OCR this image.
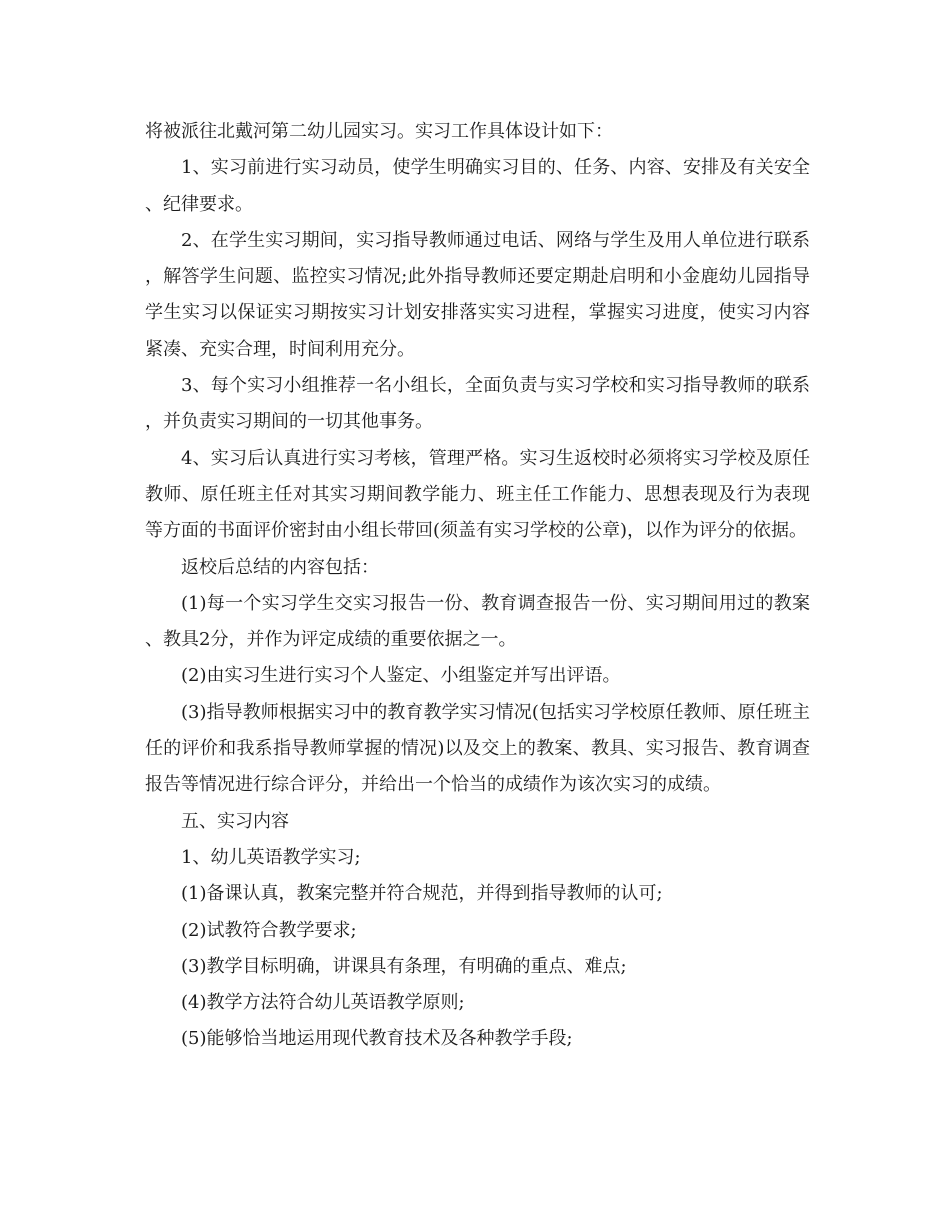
将被派往北戴河第二幼儿园实习。实习工作具体设计如下：

1、实习前进行实习动员，使学生明确实习目的、任务、内容、安排及有关安全、纪律要求。

2、在学生实习期间，实习指导教师通过电话、网络与学生及用人单位进行联系，解答学生问题、监控实习情况;此外指导教师还要定期赴启明和小金鹿幼儿园指导学生实习以保证实习期按实习计划安排落实实习进程，掌握实习进度，使实习内容紧凑、充实合理，时间利用充分。

3、每个实习小组推荐一名小组长，全面负责与实习学校和实习指导教师的联系，并负责实习期间的一切其他事务。

4、实习后认真进行实习考核，管理严格。实习生返校时必须将实习学校及原任教师、原任班主任对其实习期间教学能力、班主任工作能力、思想表现及行为表现等方面的书面评价密封由小组长带回(须盖有实习学校的公章)，以作为评分的依据。

返校后总结的内容包括：

(1)每一个实习学生交实习报告一份、教育调查报告一份、实习期间用过的教案、教具2分，并作为评定成绩的重要依据之一。

(2)由实习生进行实习个人鉴定、小组鉴定并写出评语。

(3)指导教师根据实习中的教育教学实习情况(包括实习学校原任教师、原任班主任的评价和我系指导教师掌握的情况)以及交上的教案、教具、实习报告、教育调查报告等情况进行综合评分，并给出一个恰当的成绩作为该次实习的成绩。

五、实习内容

1、幼儿英语教学实习;

(1)备课认真，教案完整并符合规范，并得到指导教师的认可;

(2)试教符合教学要求;

(3)教学目标明确，讲课具有条理，有明确的重点、难点;

(4)教学方法符合幼儿英语教学原则;

(5)能够恰当地运用现代教育技术及各种教学手段;
